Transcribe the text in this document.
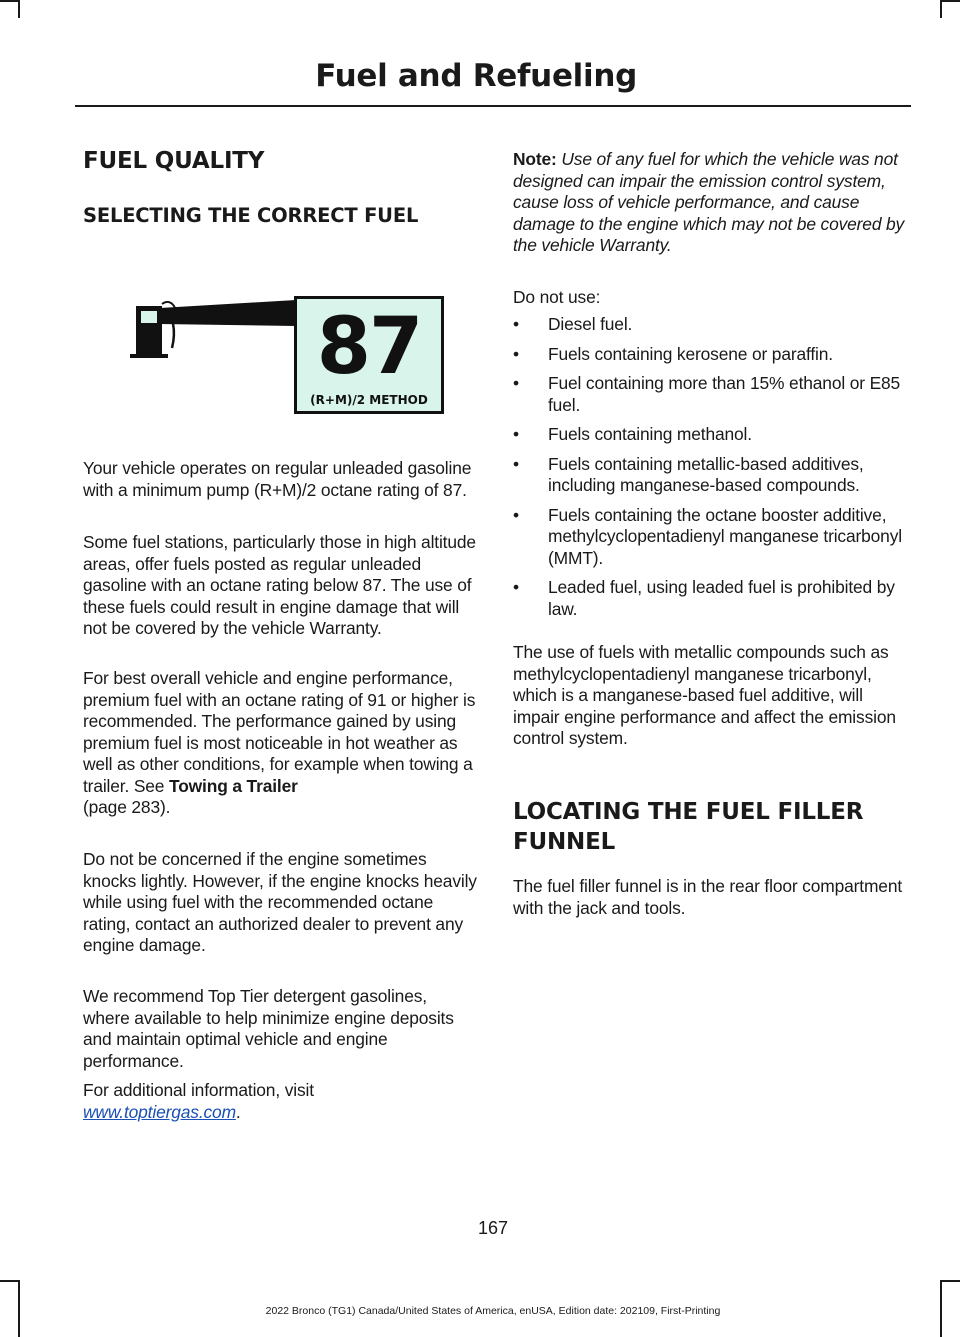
Fuel and Refueling
FUEL QUALITY
SELECTING THE CORRECT FUEL
87
(R+M)/2 METHOD

Your vehicle operates on regular unleaded gasoline with a minimum pump (R+M)/2 octane rating of 87.

Some fuel stations, particularly those in high altitude areas, offer fuels posted as regular unleaded gasoline with an octane rating below 87. The use of these fuels could result in engine damage that will not be covered by the vehicle Warranty.

For best overall vehicle and engine performance, premium fuel with an octane rating of 91 or higher is recommended. The performance gained by using premium fuel is most noticeable in hot weather as well as other conditions, for example when towing a trailer. See Towing a Trailer
(page 283).

Do not be concerned if the engine sometimes knocks lightly. However, if the engine knocks heavily while using fuel with the recommended octane rating, contact an authorized dealer to prevent any engine damage.

We recommend Top Tier detergent gasolines, where available to help minimize engine deposits and maintain optimal vehicle and engine performance.

For additional information, visit
www.toptiergas.com.

Note: Use of any fuel for which the vehicle was not designed can impair the emission control system, cause loss of vehicle performance, and cause damage to the engine which may not be covered by the vehicle Warranty.

Do not use:

• Diesel fuel.
• Fuels containing kerosene or paraffin.
• Fuel containing more than 15% ethanol or E85 fuel.
• Fuels containing methanol.
• Fuels containing metallic-based additives, including manganese-based compounds.
• Fuels containing the octane booster additive, methylcyclopentadienyl manganese tricarbonyl (MMT).
• Leaded fuel, using leaded fuel is prohibited by law.

The use of fuels with metallic compounds such as methylcyclopentadienyl manganese tricarbonyl, which is a manganese-based fuel additive, will impair engine performance and affect the emission control system.

LOCATING THE FUEL FILLER
FUNNEL

The fuel filler funnel is in the rear floor compartment with the jack and tools.

167
2022 Bronco (TG1) Canada/United States of America, enUSA, Edition date: 202109, First-Printing
